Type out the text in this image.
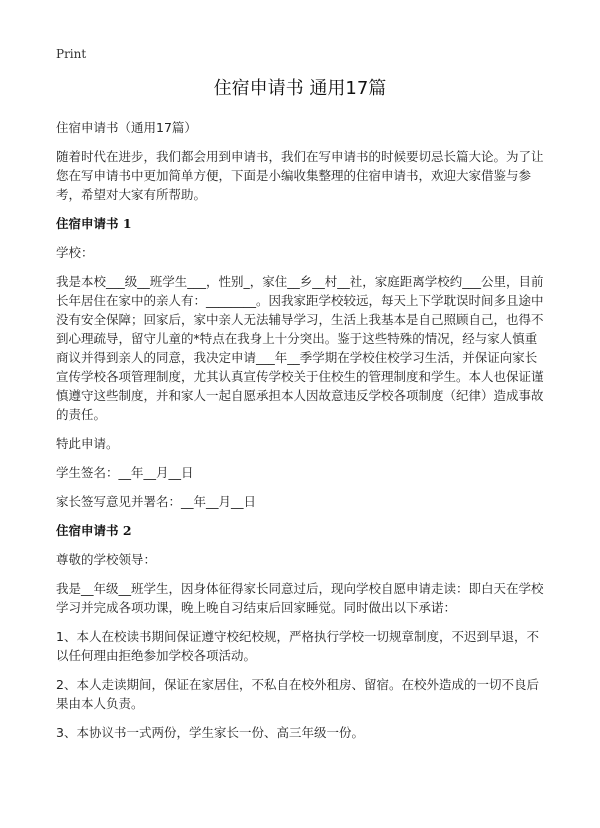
Print
住宿申请书 通用17篇

住宿申请书（通用17篇）

随着时代在进步，我们都会用到申请书，我们在写申请书的时候要切忌长篇大论。为了让您在写申请书中更加简单方便，下面是小编收集整理的住宿申请书，欢迎大家借鉴与参考，希望对大家有所帮助。

住宿申请书 1

学校：

我是本校___级__班学生___，性别_，家住__乡__村__社，家庭距离学校约___公里，目前长年居住在家中的亲人有：________。因我家距学校较远，每天上下学耽误时间多且途中没有安全保障；回家后，家中亲人无法辅导学习，生活上我基本是自己照顾自己，也得不到心理疏导，留守儿童的*特点在我身上十分突出。鉴于这些特殊的情况，经与家人慎重商议并得到亲人的同意，我决定申请___年__季学期在学校住校学习生活，并保证向家长宣传学校各项管理制度，尤其认真宣传学校关于住校生的管理制度和学生。本人也保证谨慎遵守这些制度，并和家人一起自愿承担本人因故意违反学校各项制度（纪律）造成事故的责任。

特此申请。

学生签名：__年__月__日

家长签写意见并署名：__年__月__日

住宿申请书 2

尊敬的学校领导：

我是__年级__班学生，因身体征得家长同意过后，现向学校自愿申请走读：即白天在学校学习并完成各项功课，晚上晚自习结束后回家睡觉。同时做出以下承诺：

1、本人在校读书期间保证遵守校纪校规，严格执行学校一切规章制度，不迟到早退，不以任何理由拒绝参加学校各项活动。

2、本人走读期间，保证在家居住，不私自在校外租房、留宿。在校外造成的一切不良后果由本人负责。

3、本协议书一式两份，学生家长一份、高三年级一份。
